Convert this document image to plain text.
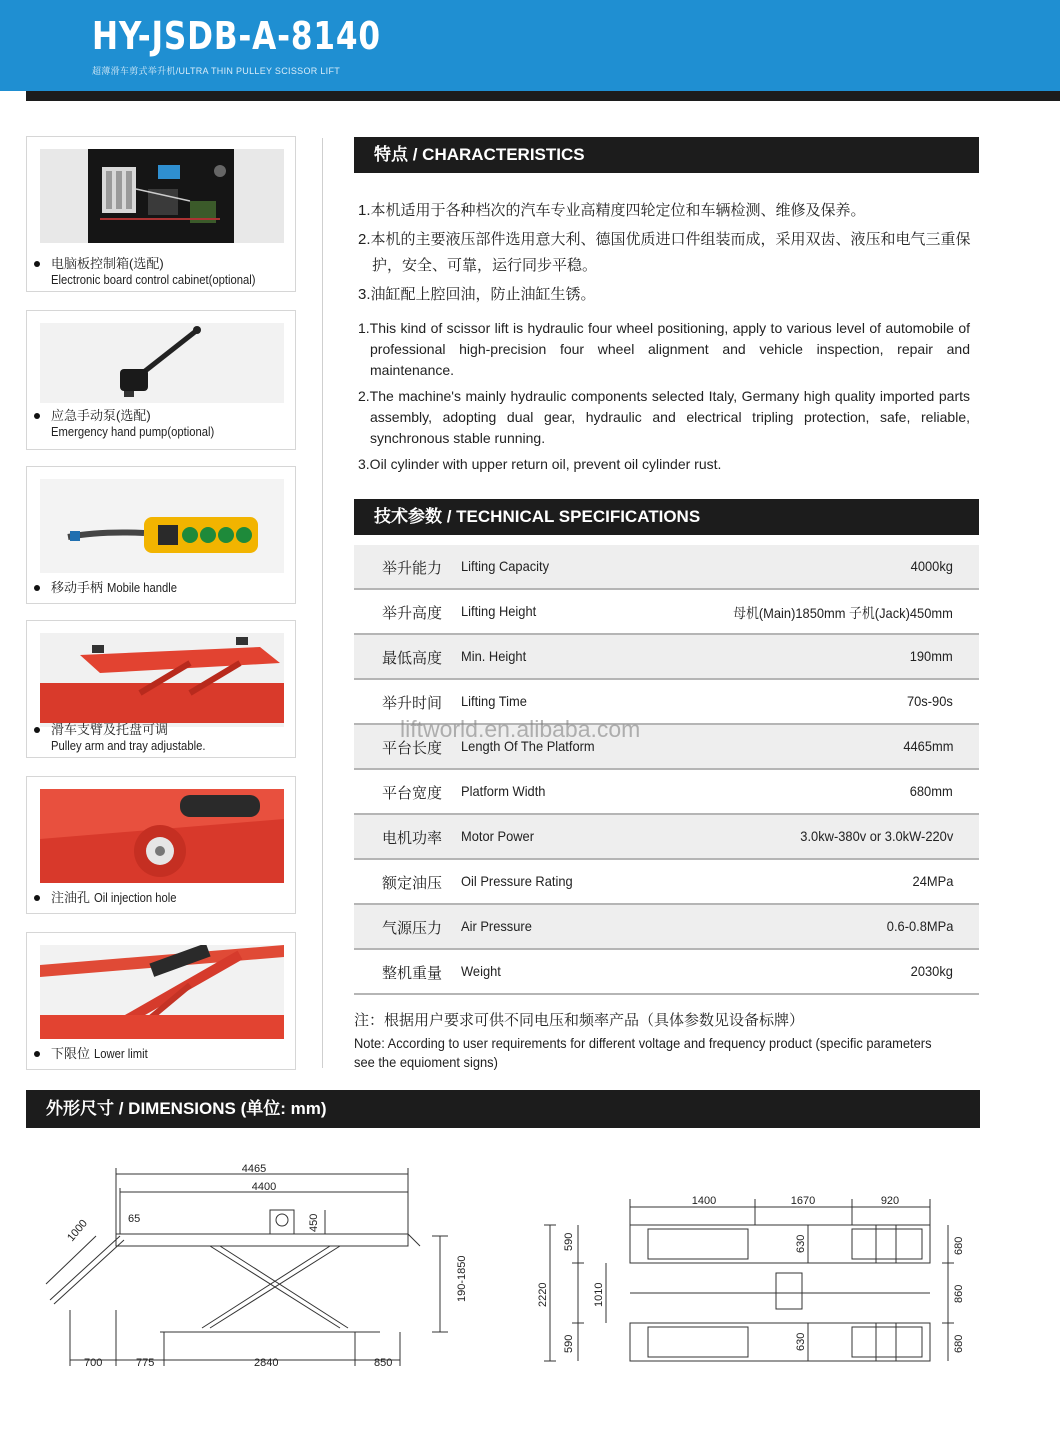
HY-JSDB-A-8140
超薄滑车剪式举升机/ULTRA THIN PULLEY SCISSOR LIFT
电脑板控制箱(选配)
Electronic board control cabinet(optional)
应急手动泵(选配)
Emergency hand pump(optional)
移动手柄 Mobile handle
滑车支臂及托盘可调
Pulley arm and tray adjustable.
注油孔 Oil injection hole
下限位 Lower limit
特点 / CHARACTERISTICS

1.本机适用于各种档次的汽车专业高精度四轮定位和车辆检测、维修及保养。

2.本机的主要液压部件选用意大利、德国优质进口件组装而成，采用双齿、液压和电气三重保护，安全、可靠，运行同步平稳。

3.油缸配上腔回油，防止油缸生锈。

1.This kind of scissor lift is hydraulic four wheel positioning, apply to various level of automobile of professional high-precision four wheel alignment and vehicle inspection, repair and maintenance.

2.The machine's mainly hydraulic components selected Italy, Germany high quality imported parts assembly, adopting dual gear, hydraulic and electrical tripling protection, safe, reliable, synchronous stable running.

3.Oil cylinder with upper return oil, prevent oil cylinder rust.

技术参数 / TECHNICAL SPECIFICATIONS
举升能力 Lifting Capacity	4000kg
举升高度 Lifting Height	母机(Main)1850mm 子机(Jack)450mm
最低高度 Min. Height	190mm
举升时间 Lifting Time	70s-90s
平台长度 Length Of The Platform	4465mm
平台宽度 Platform Width	680mm
电机功率 Motor Power	3.0kw-380v or 3.0kW-220v
额定油压 Oil Pressure Rating	24MPa
气源压力 Air Pressure	0.6-0.8MPa
整机重量 Weight	2030kg
liftworld.en.alibaba.com
注：根据用户要求可供不同电压和频率产品（具体参数见设备标牌）
Note: According to user requirements for different voltage and frequency product (specific parameters see the equioment signs)
外形尺寸 / DIMENSIONS (单位: mm)
4465
4400
1000	65	450
190-1850
700	775	2840	850
1400	1670	920
2220
590
1010
590
630
630
680
860
680
